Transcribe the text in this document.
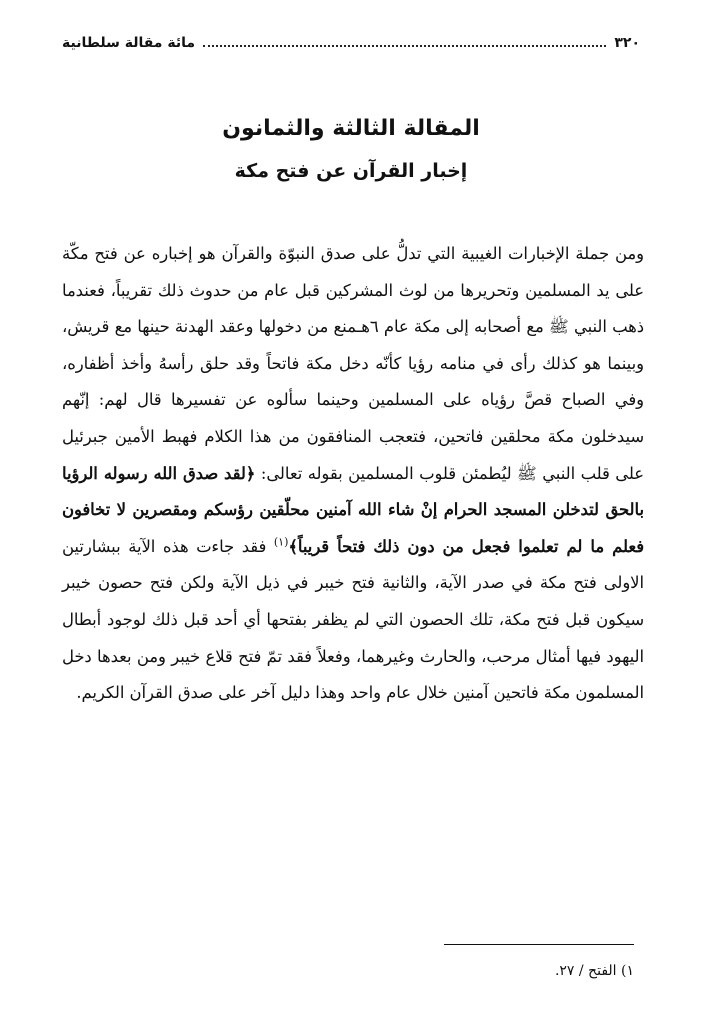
٣٢٠
مائة مقالة سلطانية
المقالة الثالثة والثمانون
إخبار القرآن عن فتح مكة

ومن جملة الإخبارات الغيبية التي تدلُّ على صدق النبوّة والقرآن هو إخباره عن فتح مكّة على يد المسلمين وتحريرها من لوث المشركين قبل عام من حدوث ذلك تقريباً، فعندما ذهب النبي ﷺ مع أصحابه إلى مكة عام ٦هـمنع من دخولها وعقد الهدنة حينها مع قريش، وبينما هو كذلك رأى في منامه رؤيا كأنّه دخل مكة فاتحاً وقد حلق رأسهُ وأخذ أظفاره، وفي الصباح قصَّ رؤياه على المسلمين وحينما سألوه عن تفسيرها قال لهم: إنّهم سيدخلون مكة محلقين فاتحين، فتعجب المنافقون من هذا الكلام فهبط الأمين جبرئيل على قلب النبي ﷺ ليُطمئن قلوب المسلمين بقوله تعالى: ﴿لقد صدق الله رسوله الرؤيا بالحق لتدخلن المسجد الحرام إنْ شاء الله آمنين محلّقين رؤسكم ومقصرين لا تخافون فعلم ما لم تعلموا فجعل من دون ذلك فتحاً قريباً﴾$^{(١)}$ فقد جاءت هذه الآية ببشارتين الاولى فتح مكة في صدر الآية، والثانية فتح خيبر في ذيل الآية ولكن فتح حصون خيبر سيكون قبل فتح مكة، تلك الحصون التي لم يظفر بفتحها أي أحد قبل ذلك لوجود أبطال اليهود فيها أمثال مرحب، والحارث وغيرهما، وفعلاً فقد تمّ فتح قلاع خيبر ومن بعدها دخل المسلمون مكة فاتحين آمنين خلال عام واحد وهذا دليل آخر على صدق القرآن الكريم.

١) الفتح / ٢٧.
